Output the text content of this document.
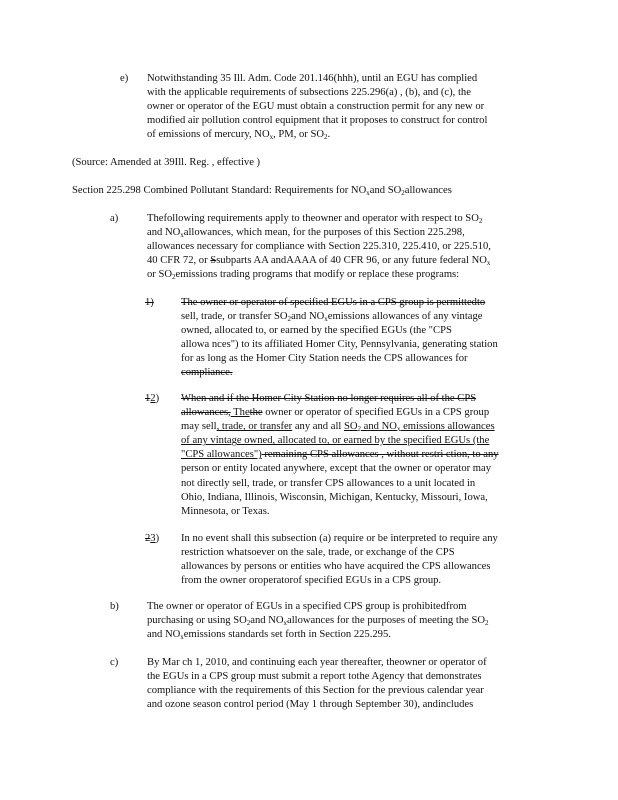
e) Notwithstanding 35 Ill. Adm. Code 201.146(hhh), until an EGU has complied
with the applicable requirements of subsections 225.296(a) , (b), and (c), the
owner or operator of the EGU must obtain a construction permit for any new or
modified air pollution control equipment that it proposes to construct for control
of emissions of mercury, $NO_x$, PM, or $SO_2$.
(Source: Amended at 39Ill. Reg. , effective )
Section 225.298 Combined Pollutant Standard: Requirements for $NO_xand$ $SO_2allowances$
a)	Thefollowing requirements apply to theowner and operator with respect to $SO_2$
and $NO_xallowances$, which mean, for the purposes of this Section 225.298,
allowances necessary for compliance with Section 225.310, 225.410, or 225.510,
40 CFR 72, or Ssubparts AA andAAAA of 40 CFR 96, or any future federal $NO_x$
or $SO_2emissions$ trading programs that modify or replace these programs:
1)	The owner or operator of specified EGUs in a CPS group is permittedto
sell, trade, or transfer $SO_2and$ $NO_xemissions$ allowances of any vintage
owned, allocated to, or earned by the specified EGUs (the "CPS
allowa nces") to its affiliated Homer City, Pennsylvania, generating station
for as long as the Homer City Station needs the CPS allowances for
compliance.
12) When and if the Homer City Station no longer requires all of the CPS
allowances, Thethe owner or operator of specified EGUs in a CPS group
may sell, trade, or transfer any and all $SO_2$ and $NO_x$ emissions allowances
of any vintage owned, allocated to, or earned by the specified EGUs (the
"CPS allowances") remaining CPS allowances , without restri ction, to any
person or entity located anywhere, except that the owner or operator may
not directly sell, trade, or transfer CPS allowances to a unit located in
Ohio, Indiana, Illinois, Wisconsin, Michigan, Kentucky, Missouri, Iowa,
Minnesota, or Texas.
23) In no event shall this subsection (a) require or be interpreted to require any
restriction whatsoever on the sale, trade, or exchange of the CPS
allowances by persons or entities who have acquired the CPS allowances
from the owner oroperatorof specified EGUs in a CPS group.
b)	The owner or operator of EGUs in a specified CPS group is prohibitedfrom
purchasing or using $SO_2and$ $NO_xallowances$ for the purposes of meeting the $SO_2$
and $NO_xemissions$ standards set forth in Section 225.295.
c)	By Mar ch 1, 2010, and continuing each year thereafter, theowner or operator of
the EGUs in a CPS group must submit a report tothe Agency that demonstrates
compliance with the requirements of this Section for the previous calendar year
and ozone season control period (May 1 through September 30), andincludes
